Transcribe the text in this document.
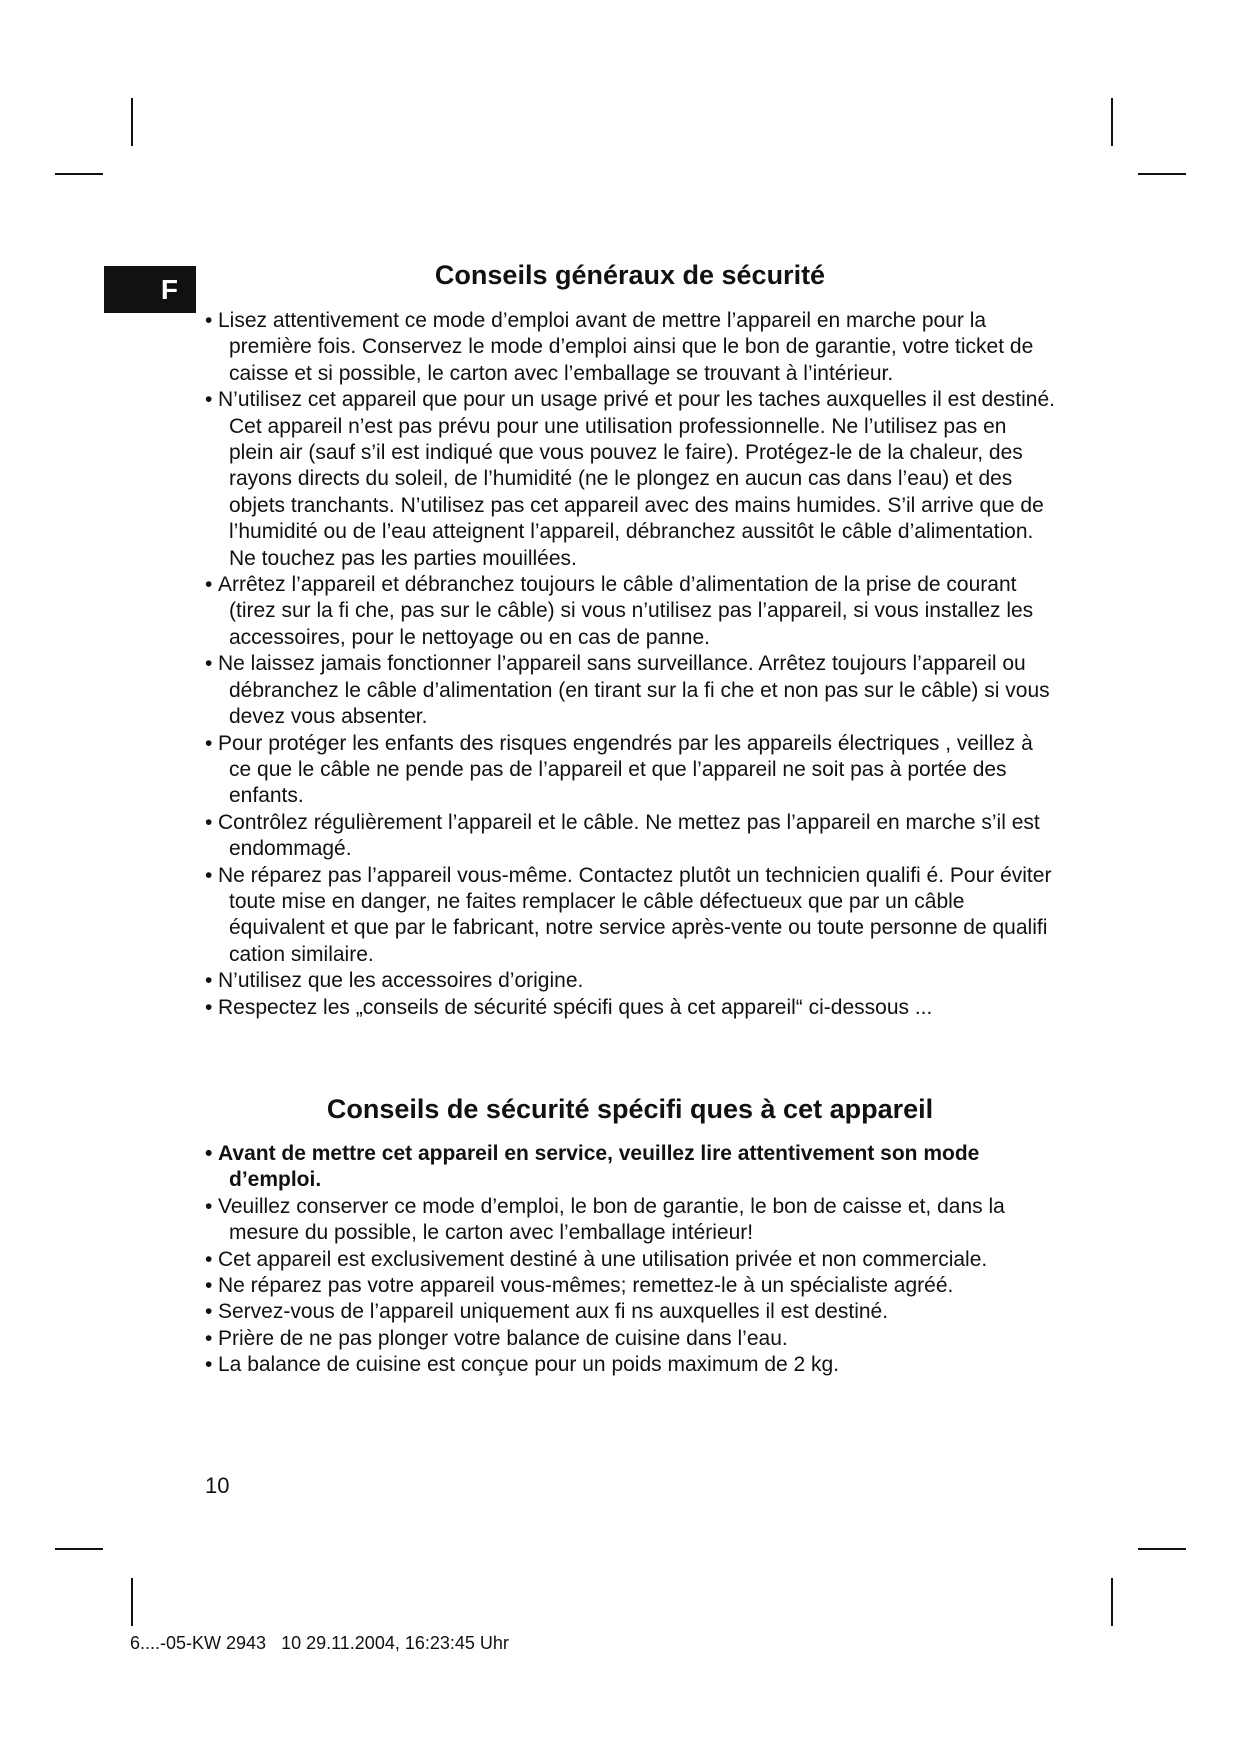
F	Conseils généraux de sécurité
• Lisez attentivement ce mode d’emploi avant de mettre l’appareil en marche pour la première fois. Conservez le mode d’emploi ainsi que le bon de garantie, votre ticket de caisse et si possible, le carton avec l’emballage se trouvant à l’intérieur.
• N’utilisez cet appareil que pour un usage privé et pour les taches auxquelles il est destiné. Cet appareil n’est pas prévu pour une utilisation professionnelle. Ne l’utilisez pas en plein air (sauf s’il est indiqué que vous pouvez le faire). Protégez-le de la chaleur, des rayons directs du soleil, de l’humidité (ne le plongez en aucun cas dans l’eau) et des objets tranchants. N’utilisez pas cet appareil avec des mains humides. S’il arrive que de l’humidité ou de l’eau atteignent l’appareil, débranchez aussitôt le câble d’alimentation. Ne touchez pas les parties mouillées.
• Arrêtez l’appareil et débranchez toujours le câble d’alimentation de la prise de courant (tirez sur la fi che, pas sur le câble) si vous n’utilisez pas l’appareil, si vous installez les accessoires, pour le nettoyage ou en cas de panne.
• Ne laissez jamais fonctionner l’appareil sans surveillance. Arrêtez toujours l’appareil ou débranchez le câble d’alimentation (en tirant sur la fi che et non pas sur le câble) si vous devez vous absenter.
• Pour protéger les enfants des risques engendrés par les appareils électriques , veillez à ce que le câble ne pende pas de l’appareil et que l’appareil ne soit pas à portée des enfants.
• Contrôlez régulièrement l’appareil et le câble. Ne mettez pas l’appareil en marche s’il est endommagé.
• Ne réparez pas l’appareil vous-même. Contactez plutôt un technicien qualifi é. Pour éviter toute mise en danger, ne faites remplacer le câble défectueux que par un câble équivalent et que par le fabricant, notre service après-vente ou toute personne de qualifi cation similaire.
• N’utilisez que les accessoires d’origine.
• Respectez les „conseils de sécurité spécifi ques à cet appareil“ ci-dessous ...
Conseils de sécurité spécifi ques à cet appareil
• Avant de mettre cet appareil en service, veuillez lire attentivement son mode d’emploi.
• Veuillez conserver ce mode d’emploi, le bon de garantie, le bon de caisse et, dans la mesure du possible, le carton avec l’emballage intérieur!
• Cet appareil est exclusivement destiné à une utilisation privée et non commerciale.
• Ne réparez pas votre appareil vous-mêmes; remettez-le à un spécialiste agréé.
• Servez-vous de l’appareil uniquement aux fi ns auxquelles il est destiné.
• Prière de ne pas plonger votre balance de cuisine dans l’eau.
• La balance de cuisine est conçue pour un poids maximum de 2 kg.
10
6....-05-KW 2943   10 29.11.2004, 16:23:45 Uhr
